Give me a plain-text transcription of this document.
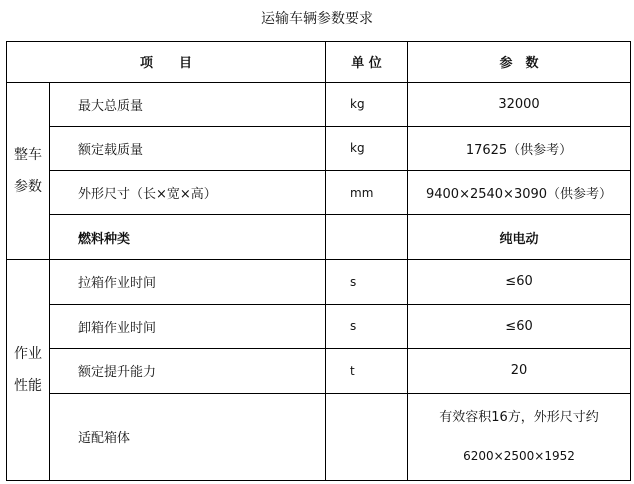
运输车辆参数要求
项　　目		单 位	参　数
整车
参数	最大总质量	kg	32000
	额定载质量	kg	17625（供参考）
	外形尺寸（长×宽×高）	mm	9400×2540×3090（供参考）
	燃料种类		纯电动
作业
性能	拉箱作业时间	s	≤60
	卸箱作业时间	s	≤60
	额定提升能力	t	20
	适配箱体		有效容积16方，外形尺寸约
6200×2500×1952
